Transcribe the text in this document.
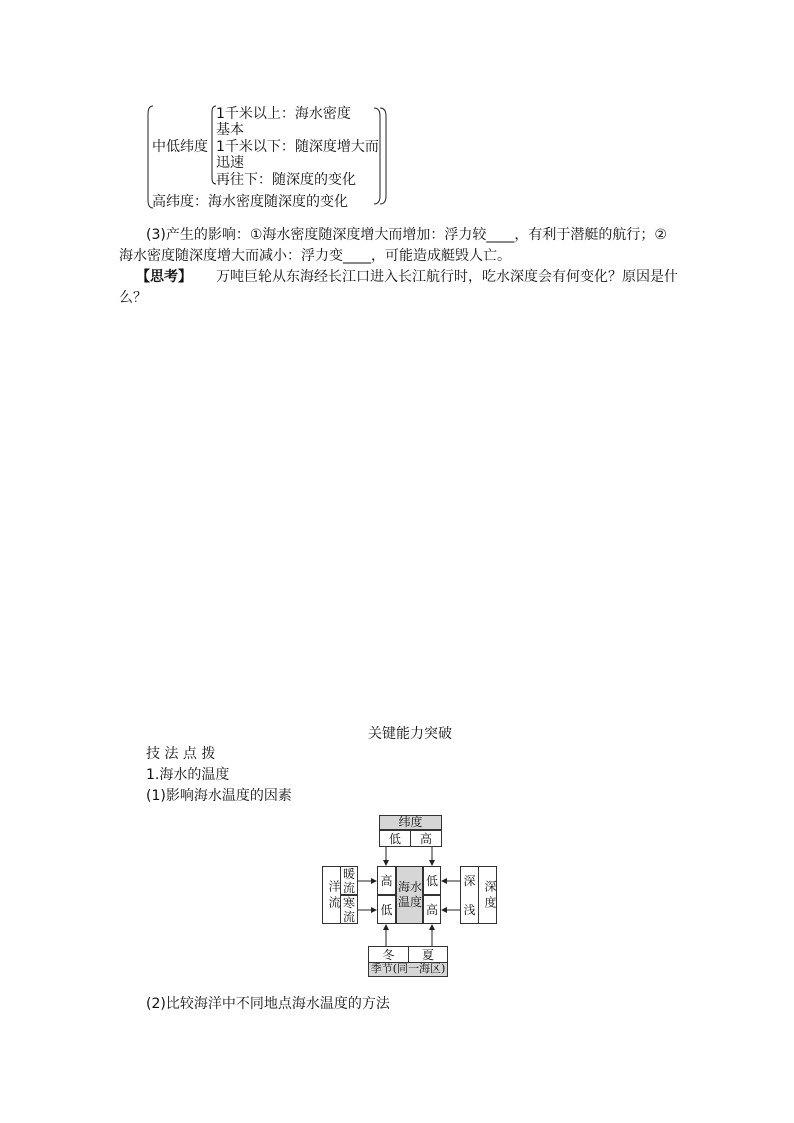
中低纬度
1千米以上：海水密度
基本
1千米以下：随深度增大而
迅速
再往下：随深度的变化
高纬度：海水密度随深度的变化
(3)产生的影响：①海水密度随深度增大而增加：浮力较____，有利于潜艇的航行；②
海水密度随深度增大而减小：浮力变____，可能造成艇毁人亡。
【思考】 万吨巨轮从东海经长江口进入长江航行时，吃水深度会有何变化？原因是什
么？
关键能力突破
技 法 点 拨
1.海水的温度
(1)影响海水温度的因素
(2)比较海洋中不同地点海水温度的方法
纬度
低	高
高
低
海水温度
低
高
洋流
暖流
寒流
深
浅 深度
冬	夏
季节(同一海区)
